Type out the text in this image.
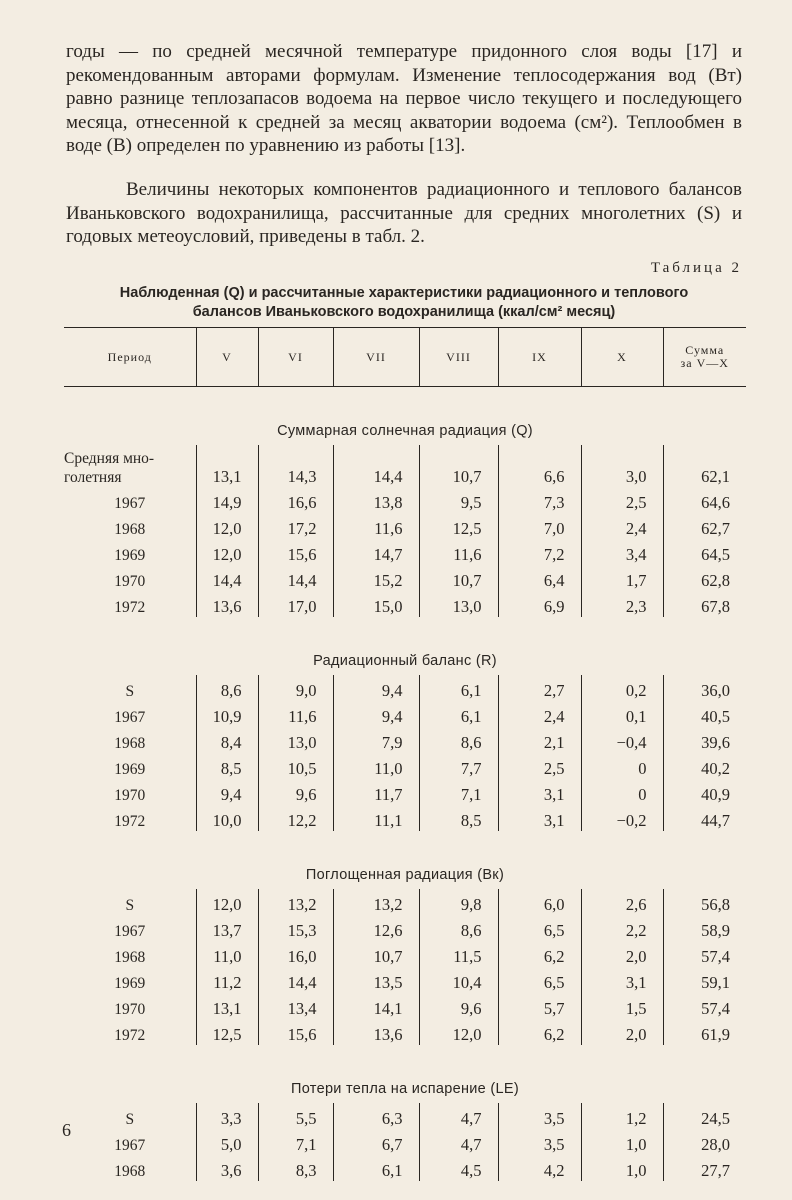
годы — по средней месячной температуре придонного слоя воды [17] и рекомендованным авторами формулам. Изменение теплосодержания вод (Bт) равно разнице теплозапасов водоема на первое число текущего и последующего месяца, отнесенной к средней за месяц акватории водоема (см²). Теплообмен в воде (B) определен по уравнению из работы [13].

Величины некоторых компонентов радиационного и теплового балансов Иваньковского водохранилища, рассчитанные для средних многолетних (S) и годовых метеоусловий, приведены в табл. 2.

Таблица 2
Наблюденная (Q) и рассчитанные характеристики радиационного и теплового
балансов Иваньковского водохранилища (ккал/см² месяц)
Период	V	VI	VII	VIII	IX	X	Сумма
за V—X

Суммарная солнечная радиация (Q)							

Средняя мно-
голетняя	13,1	14,3	14,4	10,7	6,6	3,0	62,1
1967	14,9	16,6	13,8	9,5	7,3	2,5	64,6
1968	12,0	17,2	11,6	12,5	7,0	2,4	62,7
1969	12,0	15,6	14,7	11,6	7,2	3,4	64,5
1970	14,4	14,4	15,2	10,7	6,4	1,7	62,8
1972	13,6	17,0	15,0	13,0	6,9	2,3	67,8
Радиационный баланс (R)							
S	8,6	9,0	9,4	6,1	2,7	0,2	36,0
1967	10,9	11,6	9,4	6,1	2,4	0,1	40,5
1968	8,4	13,0	7,9	8,6	2,1	−0,4	39,6
1969	8,5	10,5	11,0	7,7	2,5	0	40,2
1970	9,4	9,6	11,7	7,1	3,1	0	40,9
1972	10,0	12,2	11,1	8,5	3,1	−0,2	44,7
Поглощенная радиация (Bк)							
S	12,0	13,2	13,2	9,8	6,0	2,6	56,8
1967	13,7	15,3	12,6	8,6	6,5	2,2	58,9
1968	11,0	16,0	10,7	11,5	6,2	2,0	57,4
1969	11,2	14,4	13,5	10,4	6,5	3,1	59,1
1970	13,1	13,4	14,1	9,6	5,7	1,5	57,4
1972	12,5	15,6	13,6	12,0	6,2	2,0	61,9
Потери тепла на испарение (LE)							
S	3,3	5,5	6,3	4,7	3,5	1,2	24,5
1967	5,0	7,1	6,7	4,7	3,5	1,0	28,0
1968	3,6	8,3	6,1	4,5	4,2	1,0	27,7
6
